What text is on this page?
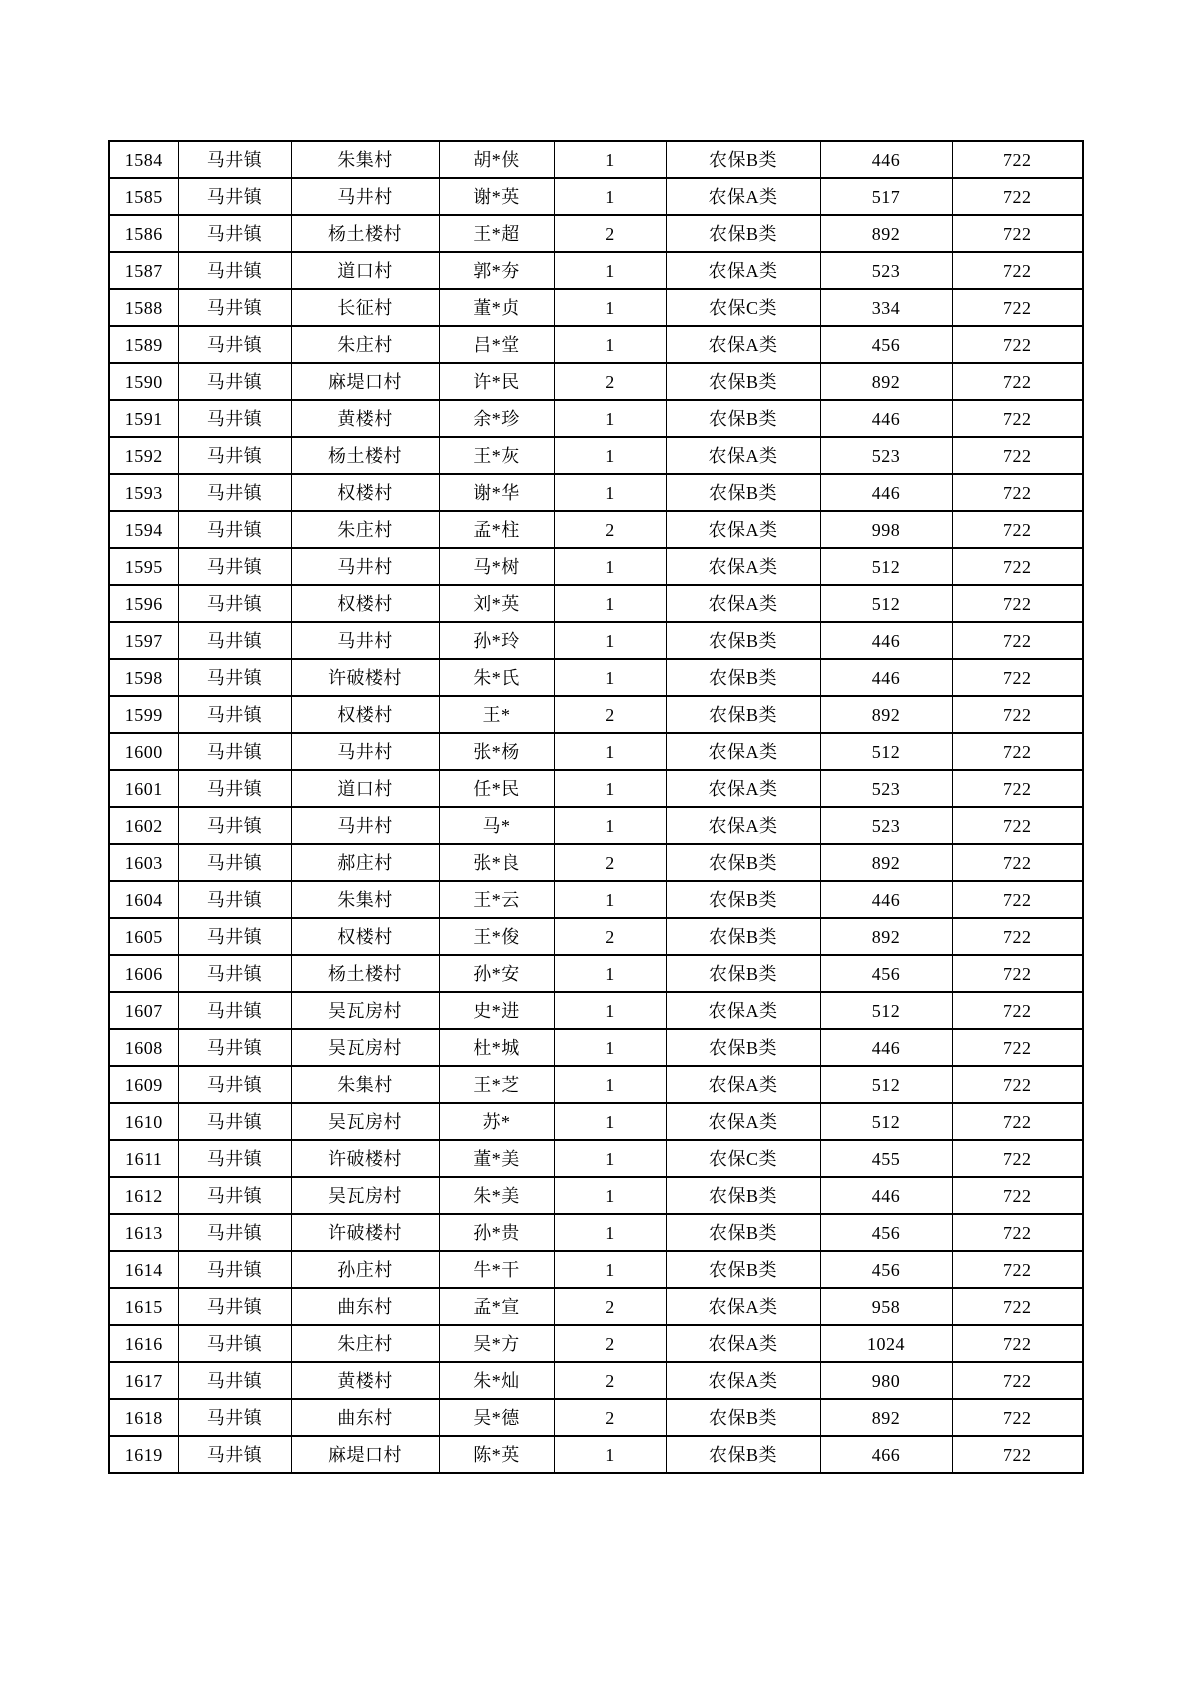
1584	马井镇	朱集村	胡*侠	1	农保B类	446	722
1585	马井镇	马井村	谢*英	1	农保A类	517	722
1586	马井镇	杨土楼村	王*超	2	农保B类	892	722
1587	马井镇	道口村	郭*夯	1	农保A类	523	722
1588	马井镇	长征村	董*贞	1	农保C类	334	722
1589	马井镇	朱庄村	吕*堂	1	农保A类	456	722
1590	马井镇	麻堤口村	许*民	2	农保B类	892	722
1591	马井镇	黄楼村	余*珍	1	农保B类	446	722
1592	马井镇	杨土楼村	王*灰	1	农保A类	523	722
1593	马井镇	权楼村	谢*华	1	农保B类	446	722
1594	马井镇	朱庄村	孟*柱	2	农保A类	998	722
1595	马井镇	马井村	马*树	1	农保A类	512	722
1596	马井镇	权楼村	刘*英	1	农保A类	512	722
1597	马井镇	马井村	孙*玲	1	农保B类	446	722
1598	马井镇	许破楼村	朱*氏	1	农保B类	446	722
1599	马井镇	权楼村	王*	2	农保B类	892	722
1600	马井镇	马井村	张*杨	1	农保A类	512	722
1601	马井镇	道口村	任*民	1	农保A类	523	722
1602	马井镇	马井村	马*	1	农保A类	523	722
1603	马井镇	郝庄村	张*良	2	农保B类	892	722
1604	马井镇	朱集村	王*云	1	农保B类	446	722
1605	马井镇	权楼村	王*俊	2	农保B类	892	722
1606	马井镇	杨土楼村	孙*安	1	农保B类	456	722
1607	马井镇	吴瓦房村	史*进	1	农保A类	512	722
1608	马井镇	吴瓦房村	杜*城	1	农保B类	446	722
1609	马井镇	朱集村	王*芝	1	农保A类	512	722
1610	马井镇	吴瓦房村	苏*	1	农保A类	512	722
1611	马井镇	许破楼村	董*美	1	农保C类	455	722
1612	马井镇	吴瓦房村	朱*美	1	农保B类	446	722
1613	马井镇	许破楼村	孙*贵	1	农保B类	456	722
1614	马井镇	孙庄村	牛*干	1	农保B类	456	722
1615	马井镇	曲东村	孟*宣	2	农保A类	958	722
1616	马井镇	朱庄村	吴*方	2	农保A类	1024	722
1617	马井镇	黄楼村	朱*灿	2	农保A类	980	722
1618	马井镇	曲东村	吴*德	2	农保B类	892	722
1619	马井镇	麻堤口村	陈*英	1	农保B类	466	722
